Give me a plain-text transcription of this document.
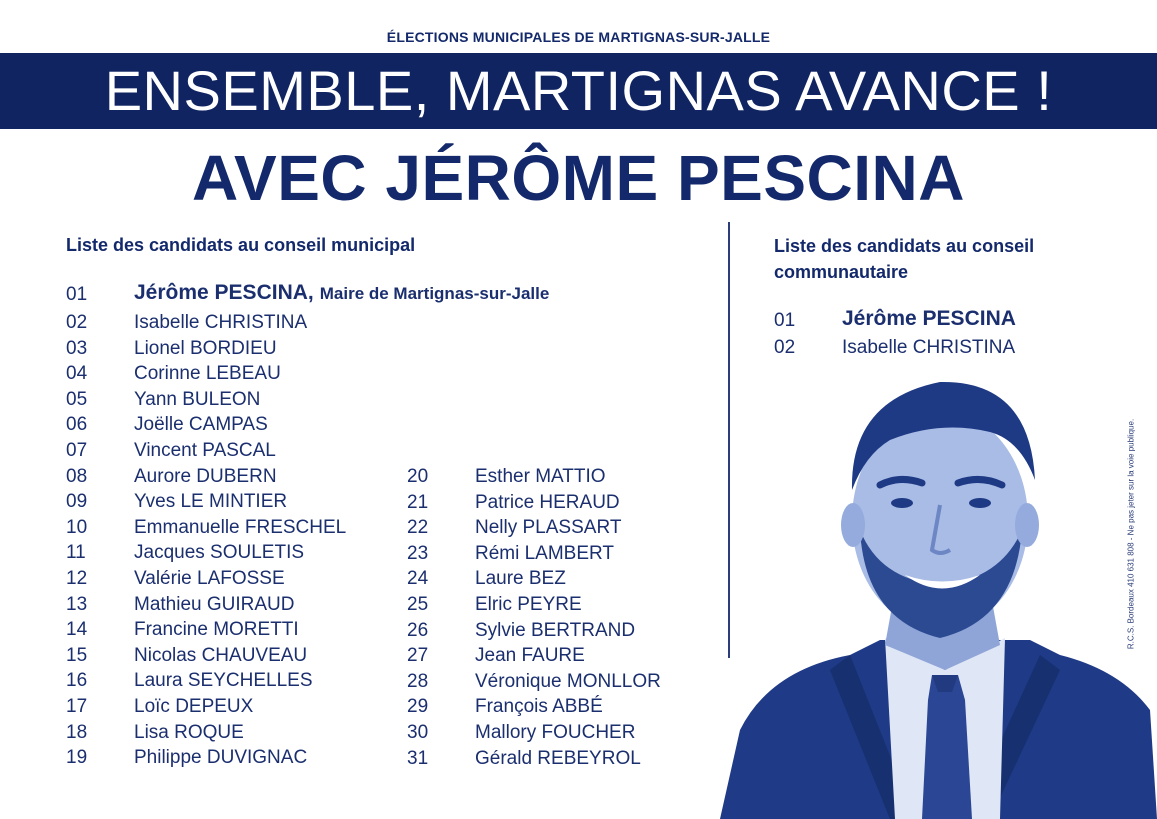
ÉLECTIONS MUNICIPALES DE MARTIGNAS-SUR-JALLE
ENSEMBLE, MARTIGNAS AVANCE !
AVEC JÉRÔME PESCINA
Liste des candidats au conseil municipal
01 Jérôme PESCINA, Maire de Martignas-sur-Jalle
02 Isabelle CHRISTINA
03 Lionel BORDIEU
04 Corinne LEBEAU
05 Yann BULEON
06 Joëlle CAMPAS
07 Vincent PASCAL
08 Aurore DUBERN
09 Yves LE MINTIER
10 Emmanuelle FRESCHEL
11	Jacques SOULETIS
12 Valérie LAFOSSE
13 Mathieu GUIRAUD
14 Francine MORETTI
15 Nicolas CHAUVEAU
16 Laura SEYCHELLES
17 Loïc DEPEUX
18 Lisa ROQUE
19 Philippe DUVIGNAC
20 Esther MATTIO
21 Patrice HERAUD
22 Nelly PLASSART
23 Rémi LAMBERT
24 Laure BEZ
25 Elric PEYRE
26 Sylvie BERTRAND
27 Jean FAURE
28 Véronique MONLLOR
29 François ABBÉ
30 Mallory FOUCHER
31 Gérald REBEYROL
Liste des candidats au conseil
communautaire
01 Jérôme PESCINA
02 Isabelle CHRISTINA
R.C.S. Bordeaux 410 631 808 - Ne pas jeter sur la voie publique.
